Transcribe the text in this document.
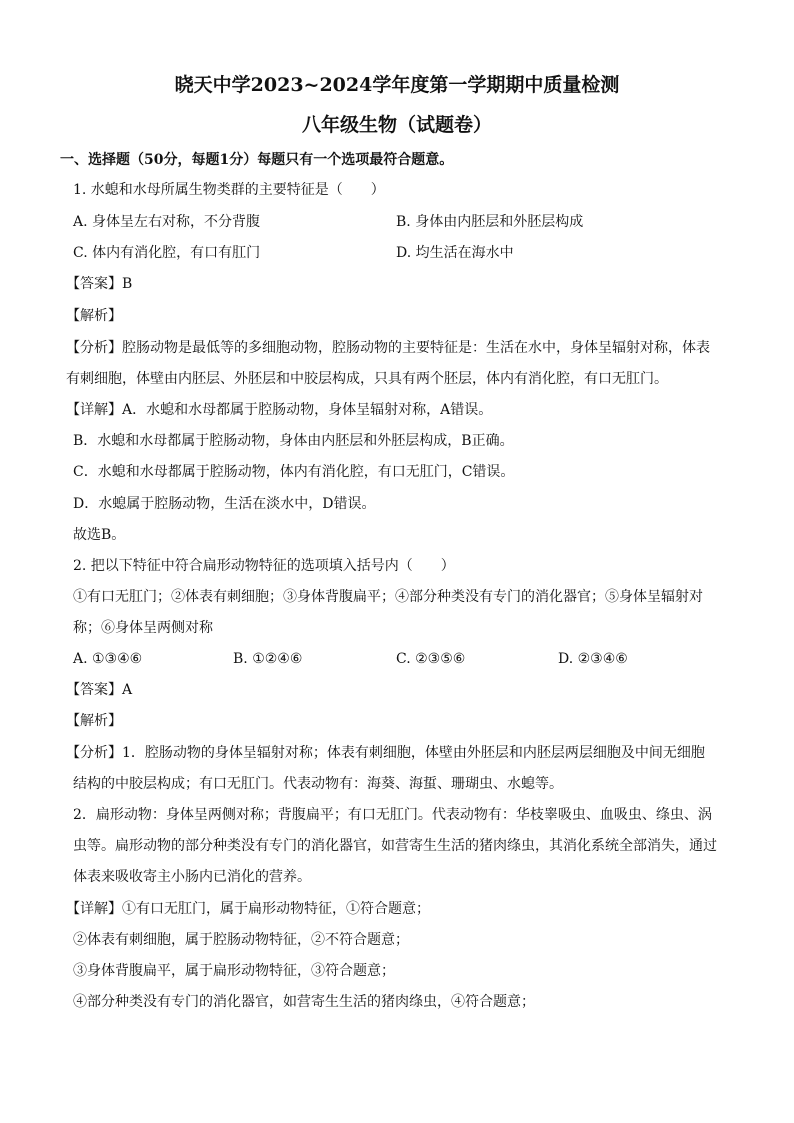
晓天中学2023~2024学年度第一学期期中质量检测
八年级生物（试题卷）
一、选择题（50分，每题1分）每题只有一个选项最符合题意。
1. 水螅和水母所属生物类群的主要特征是（　　）
A. 身体呈左右对称，不分背腹	B. 身体由内胚层和外胚层构成
C. 体内有消化腔，有口有肛门	D. 均生活在海水中
【答案】B
【解析】
【分析】腔肠动物是最低等的多细胞动物，腔肠动物的主要特征是：生活在水中，身体呈辐射对称，体表
有刺细胞，体壁由内胚层、外胚层和中胶层构成，只具有两个胚层，体内有消化腔，有口无肛门。
【详解】A．水螅和水母都属于腔肠动物，身体呈辐射对称，A错误。
B．水螅和水母都属于腔肠动物，身体由内胚层和外胚层构成，B正确。
C．水螅和水母都属于腔肠动物，体内有消化腔，有口无肛门，C错误。
D．水螅属于腔肠动物，生活在淡水中，D错误。
故选B。
2. 把以下特征中符合扁形动物特征的选项填入括号内（　　）
①有口无肛门；②体表有刺细胞；③身体背腹扁平；④部分种类没有专门的消化器官；⑤身体呈辐射对
称；⑥身体呈两侧对称
A. ①③④⑥	B. ①②④⑥	C. ②③⑤⑥	D. ②③④⑥
【答案】A
【解析】
【分析】1．腔肠动物的身体呈辐射对称；体表有刺细胞，体壁由外胚层和内胚层两层细胞及中间无细胞
结构的中胶层构成；有口无肛门。代表动物有：海葵、海蜇、珊瑚虫、水螅等。
2．扁形动物：身体呈两侧对称；背腹扁平；有口无肛门。代表动物有：华枝睾吸虫、血吸虫、绦虫、涡
虫等。扁形动物的部分种类没有专门的消化器官，如营寄生生活的猪肉绦虫，其消化系统全部消失，通过
体表来吸收寄主小肠内已消化的营养。
【详解】①有口无肛门，属于扁形动物特征，①符合题意；
②体表有刺细胞，属于腔肠动物特征，②不符合题意；
③身体背腹扁平，属于扁形动物特征，③符合题意；
④部分种类没有专门的消化器官，如营寄生生活的猪肉绦虫，④符合题意；
